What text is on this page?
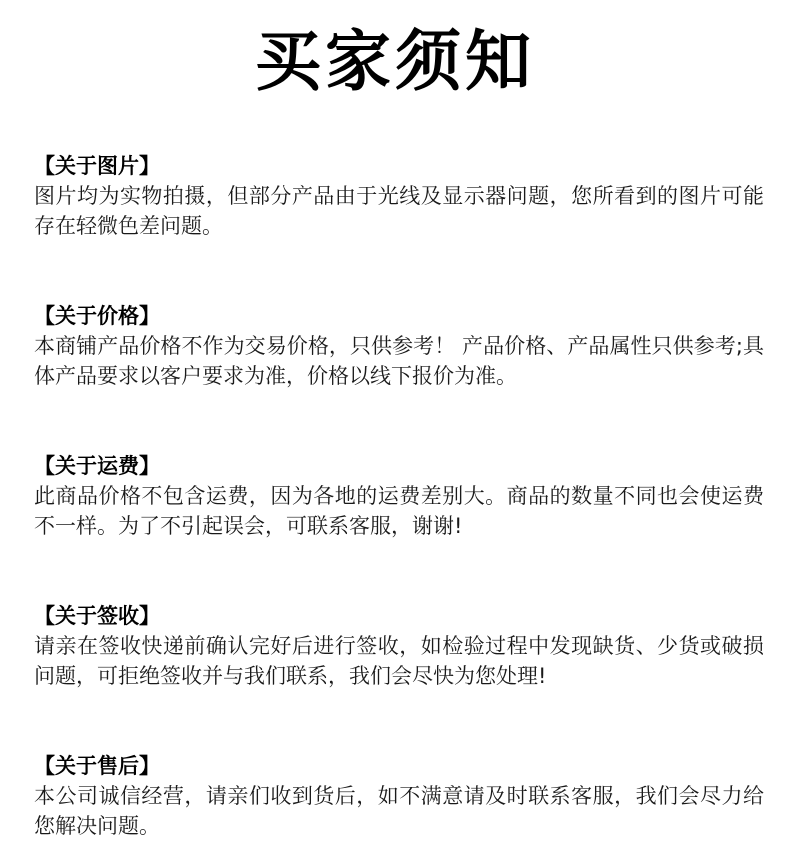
买家须知
【关于图片】
图片均为实物拍摄，但部分产品由于光线及显示器问题，您所看到的图片可能存在轻微色差问题。
【关于价格】
本商铺产品价格不作为交易价格，只供参考！ 产品价格、产品属性只供参考;具体产品要求以客户要求为准，价格以线下报价为准。
【关于运费】
此商品价格不包含运费，因为各地的运费差别大。商品的数量不同也会使运费不一样。为了不引起误会，可联系客服，谢谢!
【关于签收】
请亲在签收快递前确认完好后进行签收，如检验过程中发现缺货、少货或破损问题，可拒绝签收并与我们联系，我们会尽快为您处理!
【关于售后】
本公司诚信经营，请亲们收到货后，如不满意请及时联系客服，我们会尽力给您解决问题。
